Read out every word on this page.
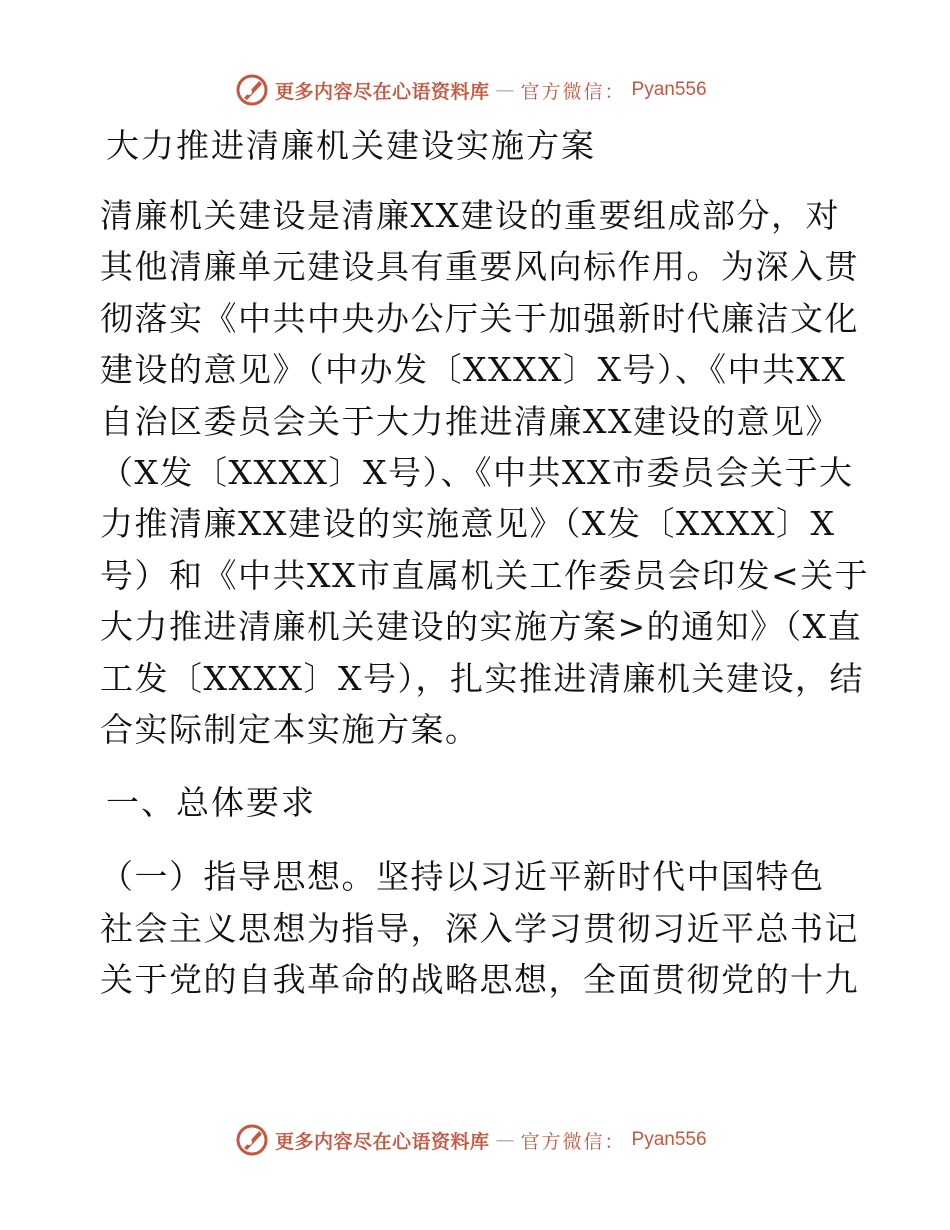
更多内容尽在心语资料库 — 官方微信： Pyan556
大力推进清廉机关建设实施方案
清廉机关建设是清廉XX建设的重要组成部分，对
其他清廉单元建设具有重要风向标作用。为深入贯
彻落实《中共中央办公厅关于加强新时代廉洁文化
建设的意见》（中办发〔XXXX〕X号）、《中共XX
自治区委员会关于大力推进清廉XX建设的意见》
（X发〔XXXX〕X号）、《中共XX市委员会关于大
力推清廉XX建设的实施意见》（X发〔XXXX〕X
号）和《中共XX市直属机关工作委员会印发<关于
大力推进清廉机关建设的实施方案>的通知》（X直
工发〔XXXX〕X号），扎实推进清廉机关建设，结
合实际制定本实施方案。
一、总体要求
（一）指导思想。坚持以习近平新时代中国特色
社会主义思想为指导，深入学习贯彻习近平总书记
关于党的自我革命的战略思想，全面贯彻党的十九
更多内容尽在心语资料库 — 官方微信： Pyan556
